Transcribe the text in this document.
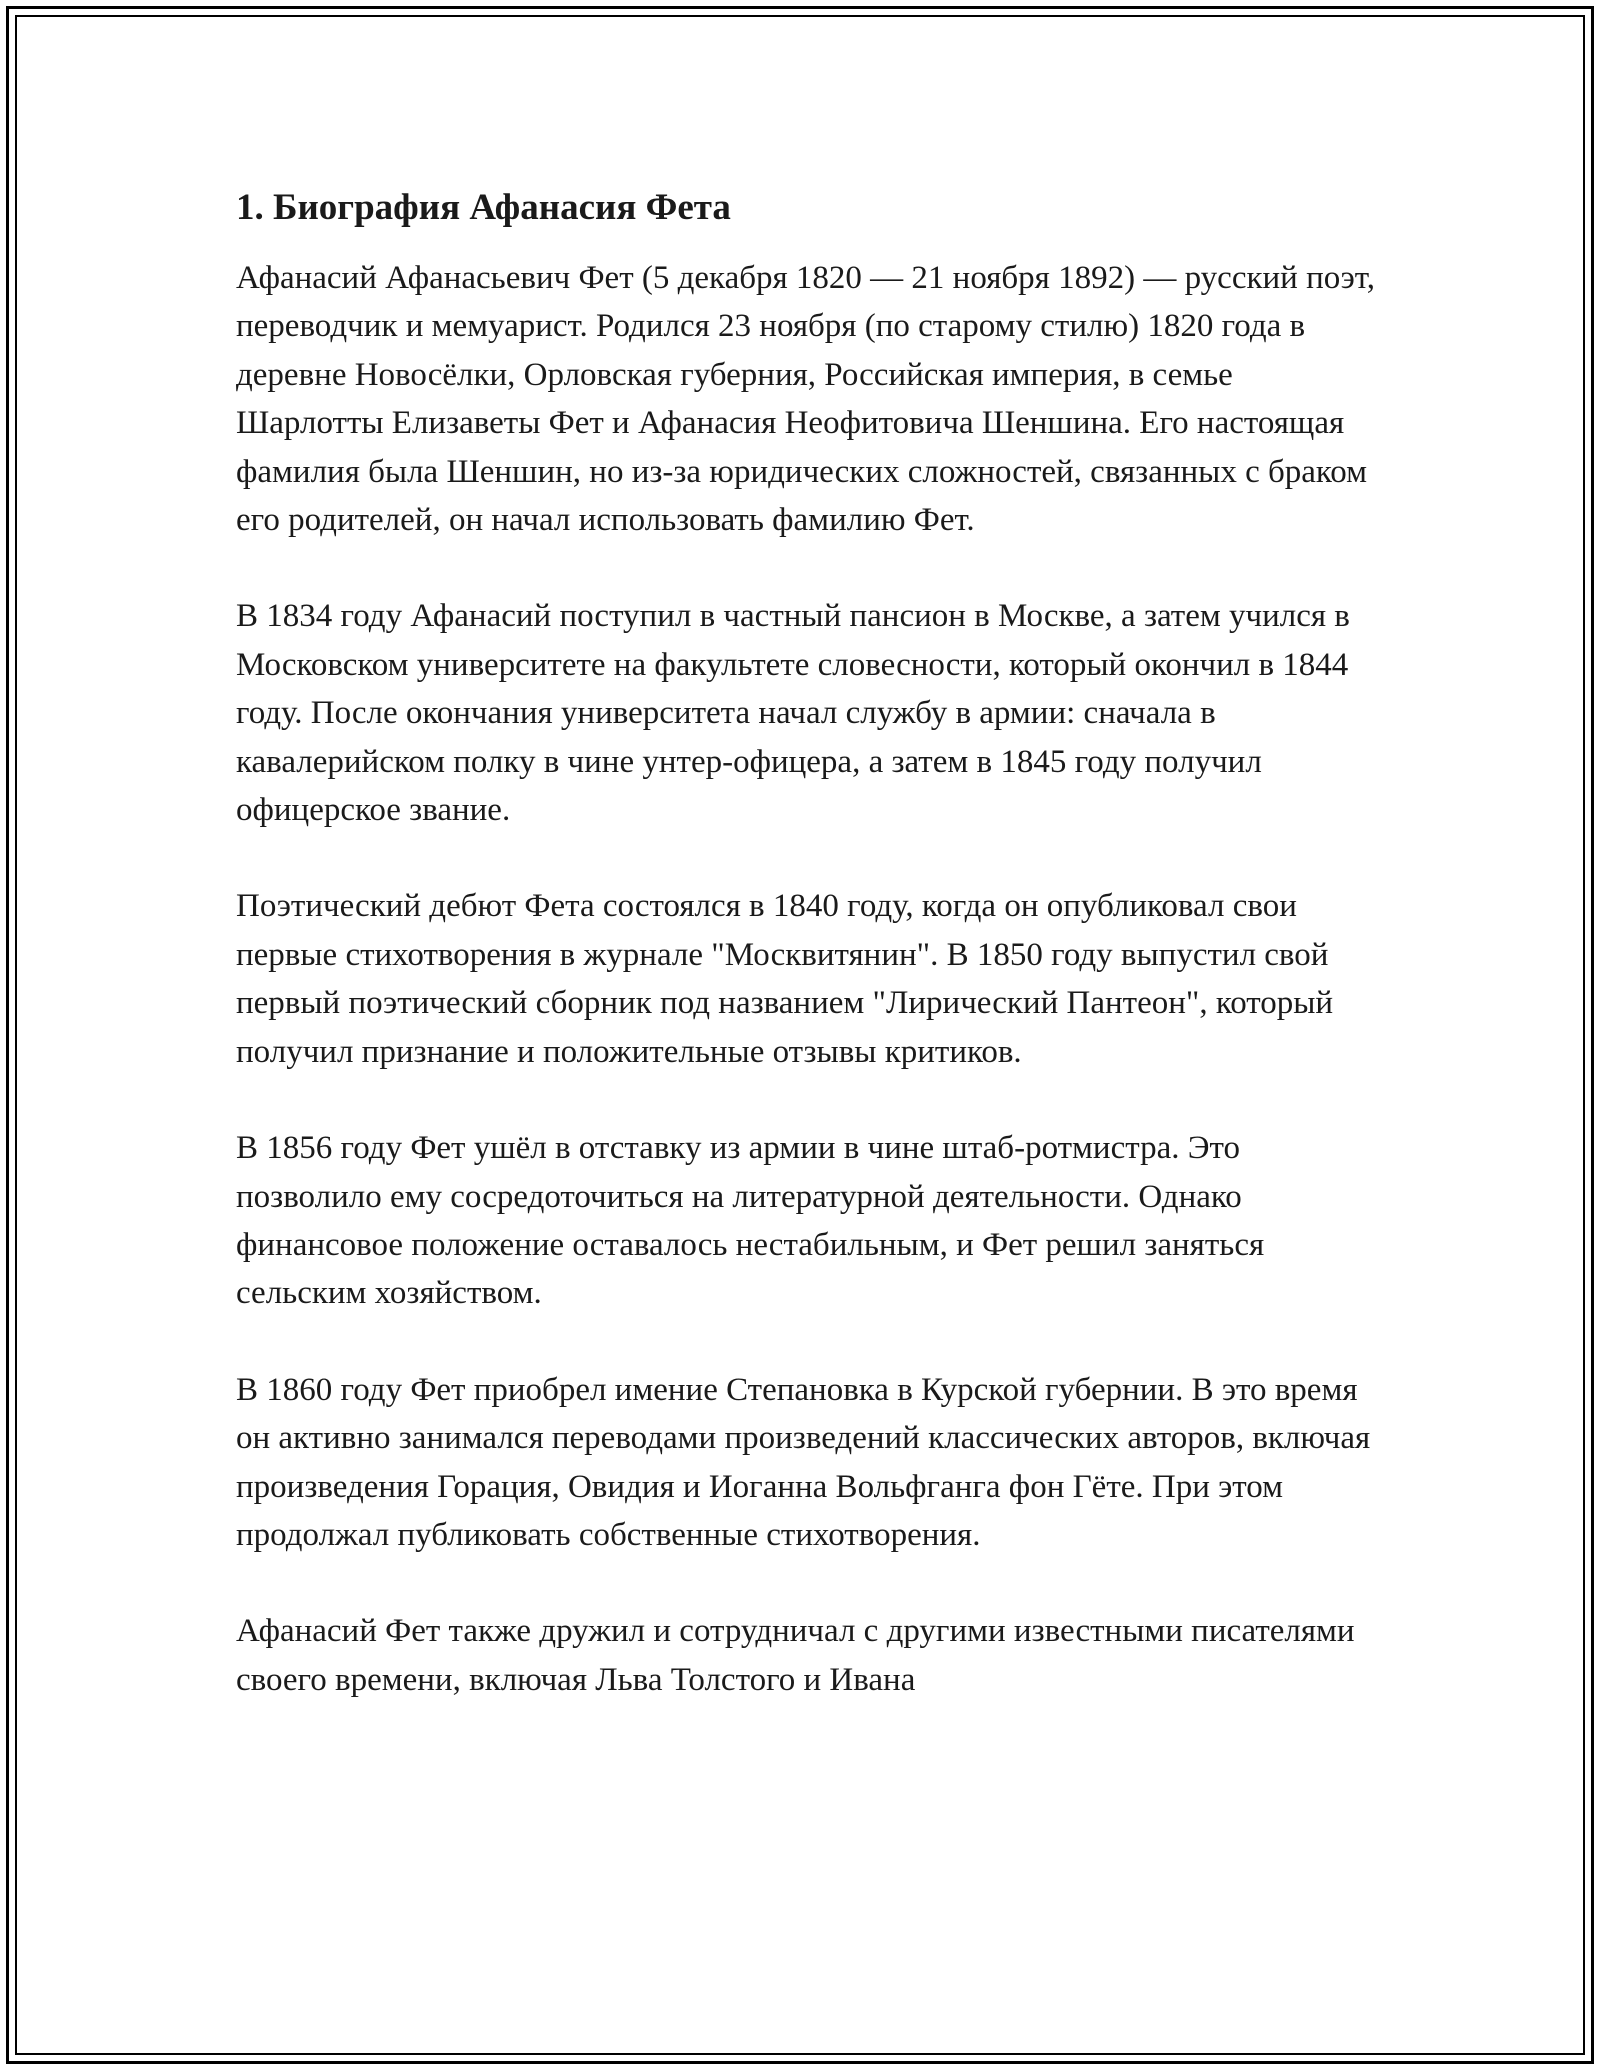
1. Биография Афанасия Фета

Афанасий Афанасьевич Фет (5 декабря 1820 — 21 ноября 1892) — русский поэт, переводчик и мемуарист. Родился 23 ноября (по старому стилю) 1820 года в деревне Новосёлки, Орловская губерния, Российская империя, в семье Шарлотты Елизаветы Фет и Афанасия Неофитовича Шеншина. Его настоящая фамилия была Шеншин, но из-за юридических сложностей, связанных с браком его родителей, он начал использовать фамилию Фет.

В 1834 году Афанасий поступил в частный пансион в Москве, а затем учился в Московском университете на факультете словесности, который окончил в 1844 году. После окончания университета начал службу в армии: сначала в кавалерийском полку в чине унтер-офицера, а затем в 1845 году получил офицерское звание.

Поэтический дебют Фета состоялся в 1840 году, когда он опубликовал свои первые стихотворения в журнале "Москвитянин". В 1850 году выпустил свой первый поэтический сборник под названием "Лирический Пантеон", который получил признание и положительные отзывы критиков.

В 1856 году Фет ушёл в отставку из армии в чине штаб-ротмистра. Это позволило ему сосредоточиться на литературной деятельности. Однако финансовое положение оставалось нестабильным, и Фет решил заняться сельским хозяйством.

В 1860 году Фет приобрел имение Степановка в Курской губернии. В это время он активно занимался переводами произведений классических авторов, включая произведения Горация, Овидия и Иоганна Вольфганга фон Гёте. При этом продолжал публиковать собственные стихотворения.

Афанасий Фет также дружил и сотрудничал с другими известными писателями своего времени, включая Льва Толстого и Ивана
